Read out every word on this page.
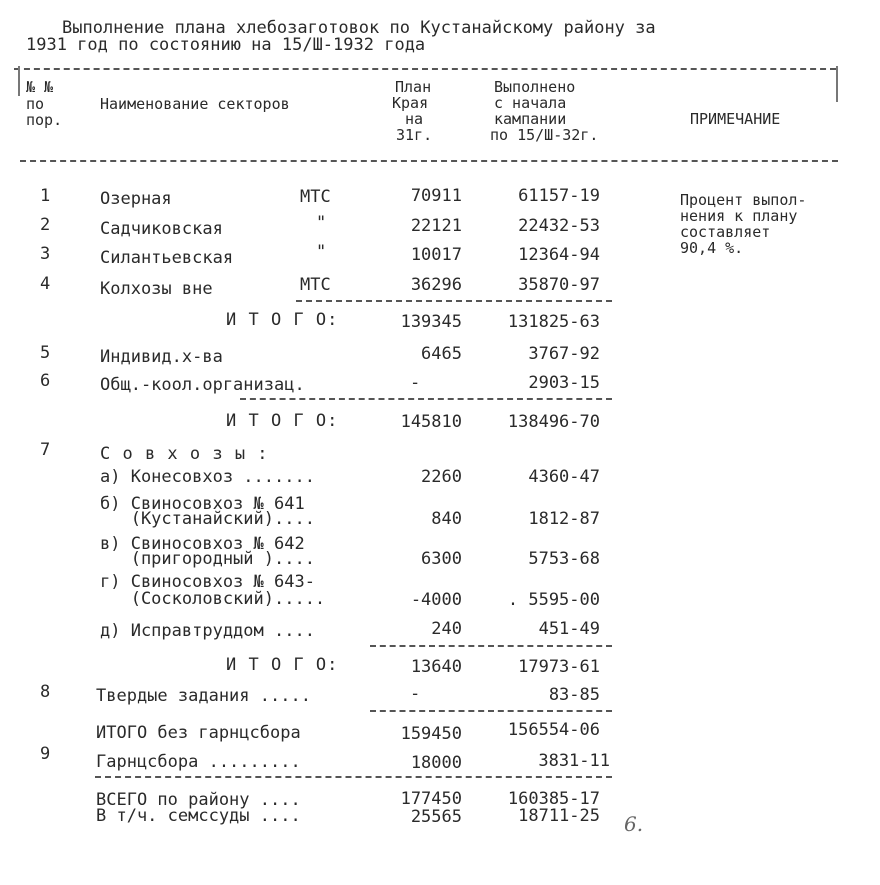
Выполнение плана хлебозаготовок по Кустанайскому району за
1931 год по состоянию на 15/Ш-1932 года
№ №
по
пор.
Наименование секторов
План
Края
на
31г.
Выполнено
с начала
кампании
по 15/Ш-32г.
ПРИМЕЧАНИЕ
1	Озерная	МТС	70911	61157-19
2	Садчиковская	"	22121	22432-53
3	Силантьевская	"	10017	12364-94
4	Колхозы вне	МТС	36296	35870-97
Процент выпол-
нения к плану
составляет
90,4 %.
И Т О Г О:	139345	131825-63
5	Индивид.х-ва	6465	3767-92
6	Общ.-коол.организац.	-	2903-15
И Т О Г О:	145810	138496-70
7	С о в х о з ы :
а) Конесовхоз .......	2260	4360-47
б) Свиносовхоз № 641
(Кустанайский)....	840	1812-87
в) Свиносовхоз № 642
(пригородный )....	6300	5753-68
г) Свиносовхоз № 643-
(Сосколовский).....	-4000	. 5595-00
д) Исправтруддом ....	240	451-49
И Т О Г О:	13640	17973-61
8	Твердые задания .....	-	83-85
ИТОГО без гарнцсбора	159450	156554-06
9	Гарнцсбора .........	18000	3831-11
ВСЕГО по району ....	177450	160385-17
В т/ч. семссуды ....	25565	18711-25 6.
